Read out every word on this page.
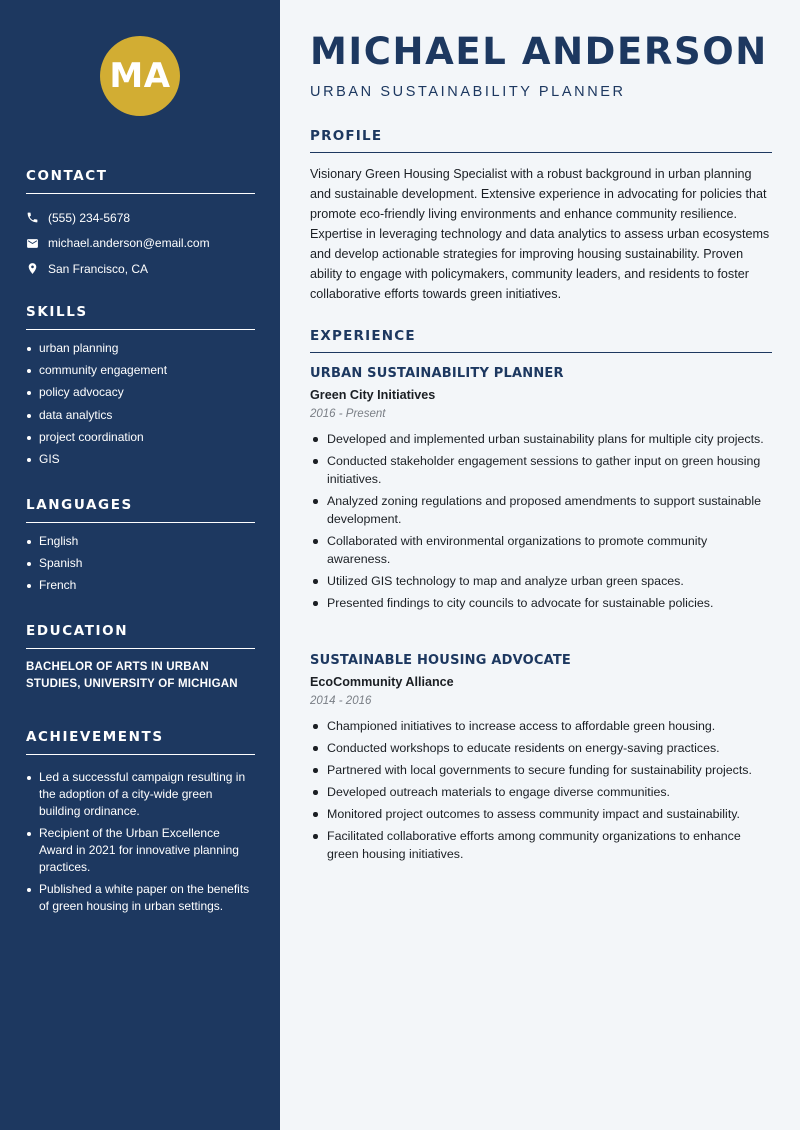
MA
CONTACT
(555) 234-5678
michael.anderson@email.com
San Francisco, CA
SKILLS
urban planning
community engagement
policy advocacy
data analytics
project coordination
GIS
LANGUAGES
English
Spanish
French
EDUCATION
BACHELOR OF ARTS IN URBAN STUDIES, UNIVERSITY OF MICHIGAN
ACHIEVEMENTS
Led a successful campaign resulting in the adoption of a city-wide green building ordinance.
Recipient of the Urban Excellence Award in 2021 for innovative planning practices.
Published a white paper on the benefits of green housing in urban settings.
MICHAEL ANDERSON
URBAN SUSTAINABILITY PLANNER
PROFILE

Visionary Green Housing Specialist with a robust background in urban planning and sustainable development. Extensive experience in advocating for policies that promote eco-friendly living environments and enhance community resilience. Expertise in leveraging technology and data analytics to assess urban ecosystems and develop actionable strategies for improving housing sustainability. Proven ability to engage with policymakers, community leaders, and residents to foster collaborative efforts towards green initiatives.

EXPERIENCE
URBAN SUSTAINABILITY PLANNER
Green City Initiatives
2016 - Present
Developed and implemented urban sustainability plans for multiple city projects.
Conducted stakeholder engagement sessions to gather input on green housing initiatives.
Analyzed zoning regulations and proposed amendments to support sustainable development.
Collaborated with environmental organizations to promote community awareness.
Utilized GIS technology to map and analyze urban green spaces.
Presented findings to city councils to advocate for sustainable policies.
SUSTAINABLE HOUSING ADVOCATE
EcoCommunity Alliance
2014 - 2016
Championed initiatives to increase access to affordable green housing.
Conducted workshops to educate residents on energy-saving practices.
Partnered with local governments to secure funding for sustainability projects.
Developed outreach materials to engage diverse communities.
Monitored project outcomes to assess community impact and sustainability.
Facilitated collaborative efforts among community organizations to enhance green housing initiatives.
